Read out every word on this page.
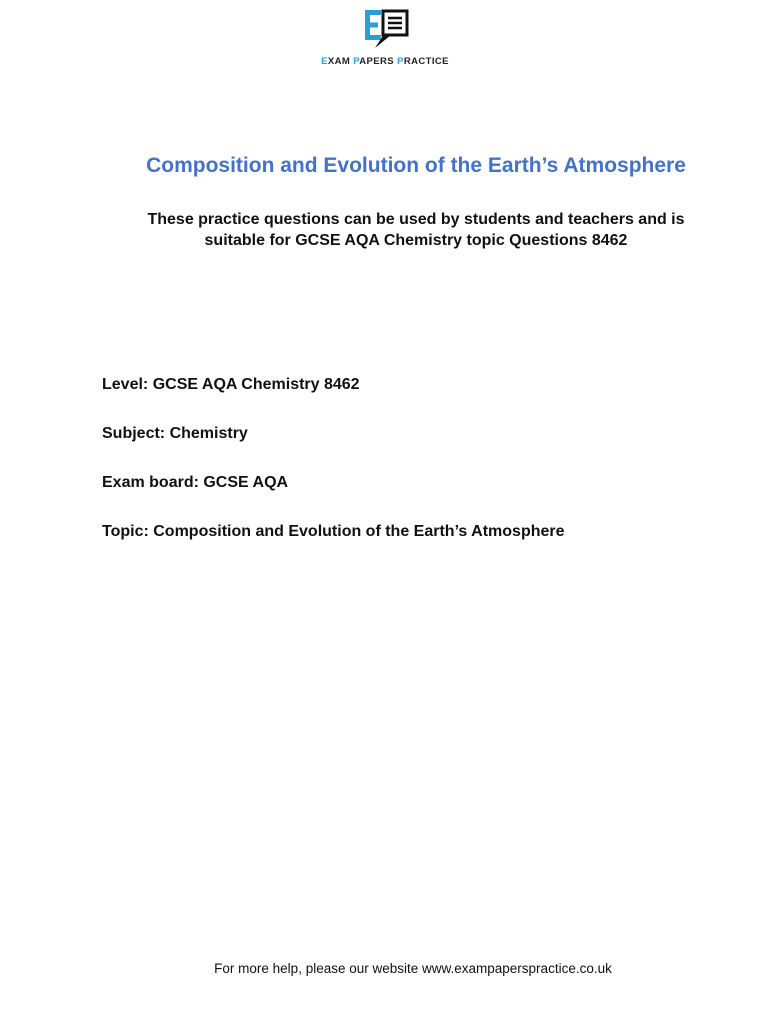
EXAM PAPERS PRACTICE
Composition and Evolution of the Earth’s Atmosphere
These practice questions can be used by students and teachers and is
suitable for GCSE AQA Chemistry topic Questions 8462
Level: GCSE AQA Chemistry 8462
Subject: Chemistry
Exam board: GCSE AQA
Topic: Composition and Evolution of the Earth’s Atmosphere
For more help, please our website www.exampaperspractice.co.uk
